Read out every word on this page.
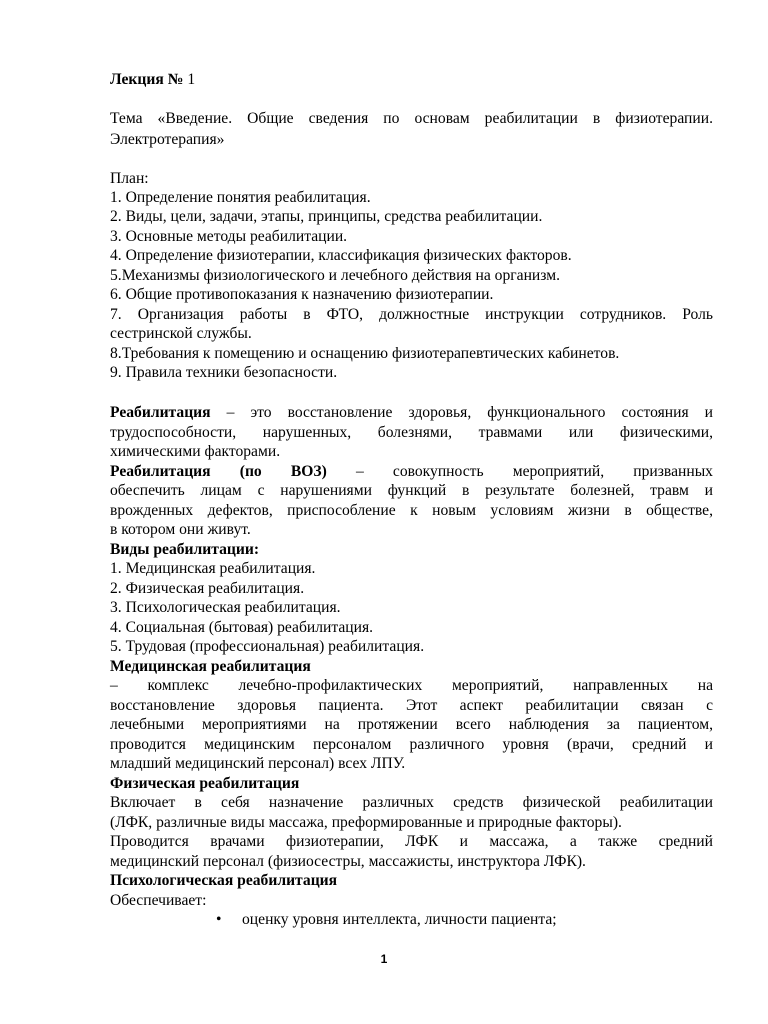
Лекция № 1
Тема «Введение. Общие сведения по основам реабилитации в физиотерапии.
Электротерапия»
План:
1. Определение понятия реабилитация.
2. Виды, цели, задачи, этапы, принципы, средства реабилитации.
3. Основные методы реабилитации.
4. Определение физиотерапии, классификация физических факторов.
5.Механизмы физиологического и лечебного действия на организм.
6. Общие противопоказания к назначению физиотерапии.
7. Организация работы в ФТО, должностные инструкции сотрудников. Роль
сестринской службы.
8.Требования к помещению и оснащению физиотерапевтических кабинетов.
9. Правила техники безопасности.
Реабилитация – это восстановление здоровья, функционального состояния и
трудоспособности, нарушенных, болезнями, травмами или физическими,
химическими факторами.
Реабилитация (по ВОЗ) – совокупность мероприятий, призванных
обеспечить лицам с нарушениями функций в результате болезней, травм и
врожденных дефектов, приспособление к новым условиям жизни в обществе,
в котором они живут.
Виды реабилитации:
1. Медицинская реабилитация.
2. Физическая реабилитация.
3. Психологическая реабилитация.
4. Социальная (бытовая) реабилитация.
5. Трудовая (профессиональная) реабилитация.
Медицинская реабилитация
– комплекс лечебно-профилактических мероприятий, направленных на
восстановление здоровья пациента. Этот аспект реабилитации связан с
лечебными мероприятиями на протяжении всего наблюдения за пациентом,
проводится медицинским персоналом различного уровня (врачи, средний и
младший медицинский персонал) всех ЛПУ.
Физическая реабилитация
Включает в себя назначение различных средств физической реабилитации
(ЛФК, различные виды массажа, преформированные и природные факторы).
Проводится врачами физиотерапии, ЛФК и массажа, а также средний
медицинский персонал (физиосестры, массажисты, инструктора ЛФК).
Психологическая реабилитация
Обеспечивает:
• оценку уровня интеллекта, личности пациента;
1
